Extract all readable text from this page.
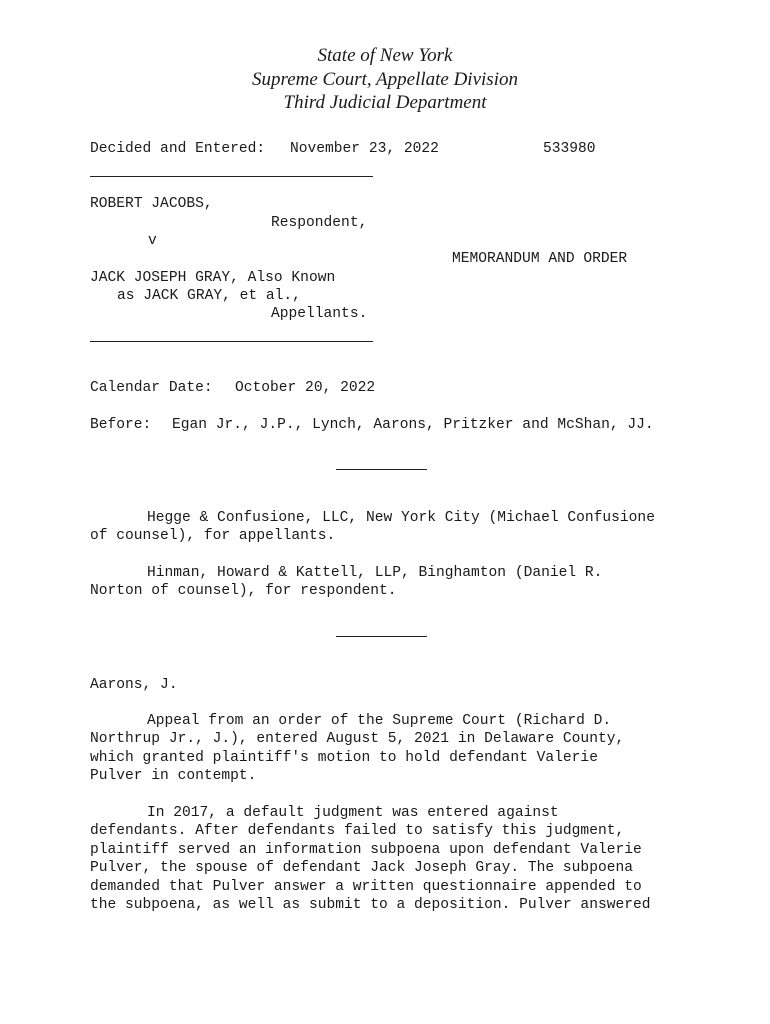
State of New York
Supreme Court, Appellate Division
Third Judicial Department
Decided and Entered: November 23, 2022	533980
ROBERT JACOBS,
Respondent,
v
MEMORANDUM AND ORDER
JACK JOSEPH GRAY, Also Known
as JACK GRAY, et al.,
Appellants.
Calendar Date: October 20, 2022
Before: Egan Jr., J.P., Lynch, Aarons, Pritzker and McShan, JJ.
Hegge & Confusione, LLC, New York City (Michael Confusione
of counsel), for appellants.
Hinman, Howard & Kattell, LLP, Binghamton (Daniel R.
Norton of counsel), for respondent.
Aarons, J.
Appeal from an order of the Supreme Court (Richard D.
Northrup Jr., J.), entered August 5, 2021 in Delaware County,
which granted plaintiff's motion to hold defendant Valerie
Pulver in contempt.
In 2017, a default judgment was entered against
defendants. After defendants failed to satisfy this judgment,
plaintiff served an information subpoena upon defendant Valerie
Pulver, the spouse of defendant Jack Joseph Gray. The subpoena
demanded that Pulver answer a written questionnaire appended to
the subpoena, as well as submit to a deposition. Pulver answered
